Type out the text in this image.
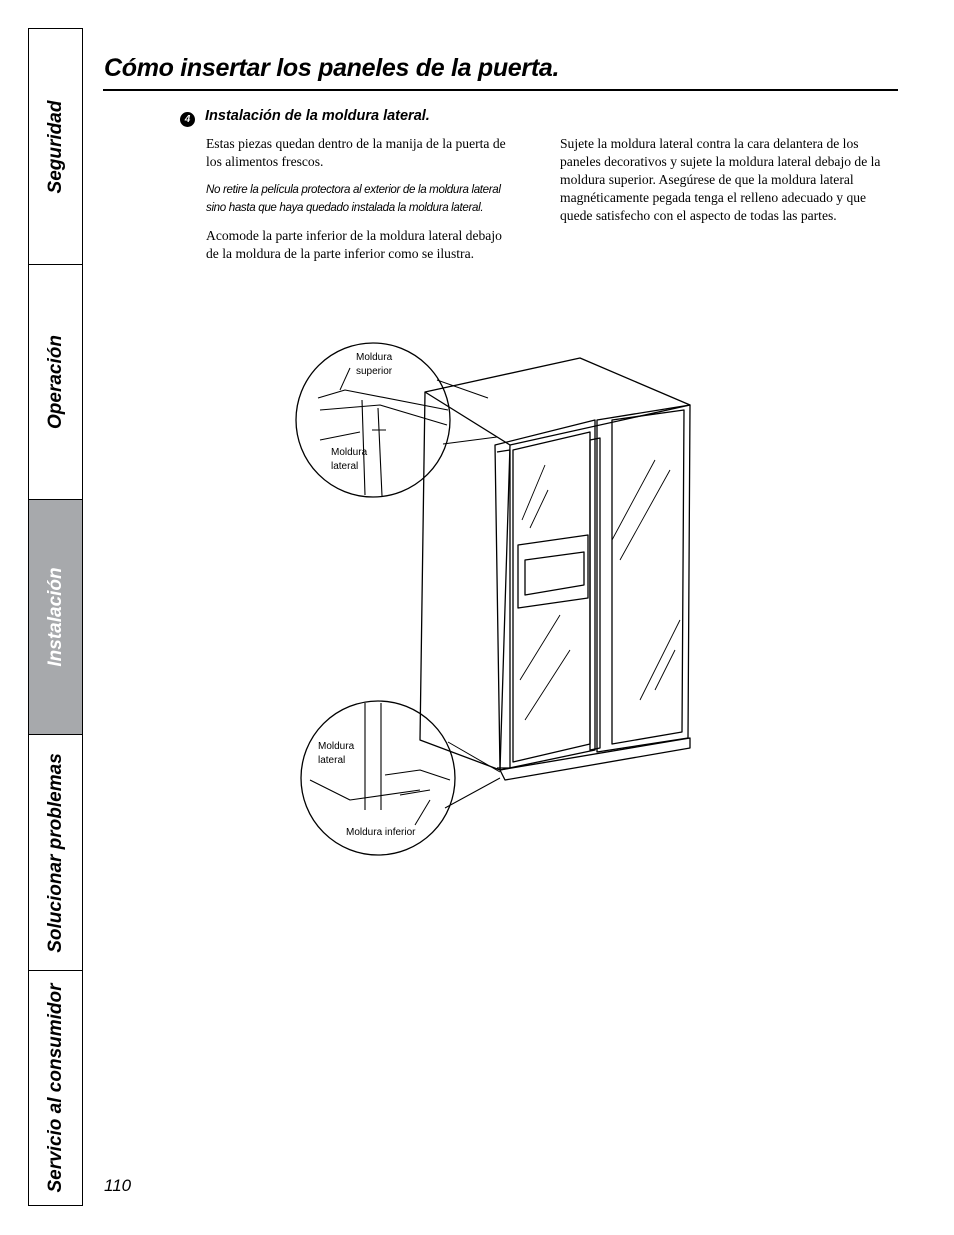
Seguridad
Operación
Instalación
Solucionar problemas
Servicio al consumidor
Cómo insertar los paneles de la puerta.
4	Instalación de la moldura lateral.

Estas piezas quedan dentro de la manija de la puerta de los alimentos frescos.

No retire la película protectora al exterior de la moldura lateral sino hasta que haya quedado instalada la moldura lateral.

Acomode la parte inferior de la moldura lateral debajo de la moldura de la parte inferior como se ilustra.

Sujete la moldura lateral contra la cara delantera de los paneles decorativos y sujete la moldura lateral debajo de la moldura superior. Asegúrese de que la moldura lateral magnéticamente pegada tenga el relleno adecuado y que quede satisfecho con el aspecto de todas las partes.

Moldura
superior
Moldura
lateral
Moldura
lateral
Moldura inferior
110
